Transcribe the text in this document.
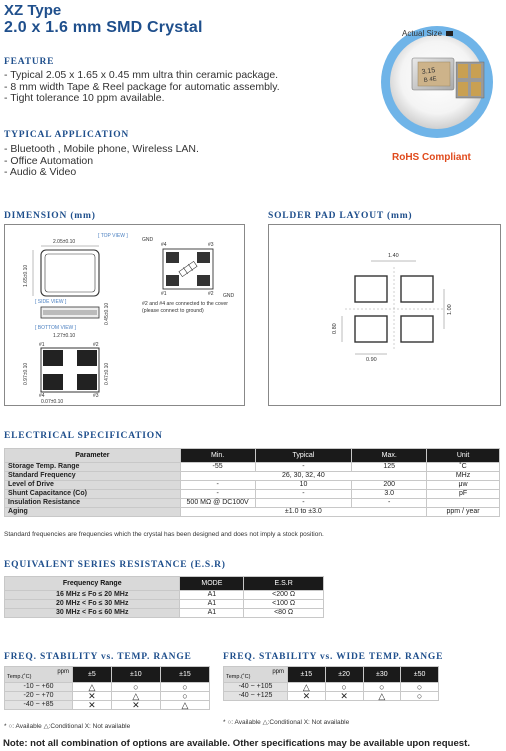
XZ Type
2.0 x 1.6 mm SMD Crystal
FEATURE
- Typical 2.05 x 1.65 x 0.45 mm ultra thin ceramic package.
- 8 mm width Tape & Reel package for automatic assembly.
- Tight tolerance 10 ppm available.
TYPICAL APPLICATION
- Bluetooth , Mobile phone, Wireless LAN.
- Office Automation
- Audio & Video
3.15
B 4E
Actual Size
RoHS Compliant
DIMENSION (mm)
[ TOP VIEW ]
2.05±0.10
1.65±0.10
[ SIDE VIEW ]
0.45±0.10
[ BOTTOM VIEW ]
1.27±0.10
#1	#2
#4	#3
0.07±0.10
0.97±0.10	0.47±0.10
GND
#4	#3
#1	#2 GND
#2 and #4 are connected to the cover
(please connect to ground)
SOLDER PAD LAYOUT (mm)
1.40
0.80
1.00
0.90
ELECTRICAL SPECIFICATION
Parameter	Min.	Typical	Max.	Unit
Storage Temp. Range	-55	-	125	˚C
Standard Frequency	26, 30, 32, 40			MHz
Level of Drive	-	10	200	μw
Shunt Capacitance (Co)	-	-	3.0	pF
Insulation Resistance	500 MΩ @ DC100V	-	-	
Aging	±1.0 to ±3.0			ppm / year
Standard frequencies are frequencies which the crystal has been designed and does not imply a stock position.
EQUIVALENT SERIES RESISTANCE (E.S.R)
Frequency Range	MODE	E.S.R
16 MHz ≤ Fo ≤ 20 MHz	A1	<200 Ω
20 MHz < Fo ≤ 30 MHz	A1	<100 Ω
30 MHz < Fo ≤ 60 MHz	A1	<80 Ω
FREQ. STABILITY vs. TEMP. RANGE
ppm
Temp.(˚C)	±5	±10	±15
-10 ~ +60	△	○	○
-20 ~ +70	✕	△	○
-40 ~ +85	✕	✕	△
* ○: Available △:Conditional X: Not available
FREQ. STABILITY vs. WIDE TEMP. RANGE
ppm
Temp.(˚C)	±15	±20	±30	±50
-40 ~ +105	△	○	○	○
-40 ~ +125	✕	✕	△	○
* ○: Available △:Conditional X: Not available
Note: not all combination of options are available. Other specifications may be available upon request.
